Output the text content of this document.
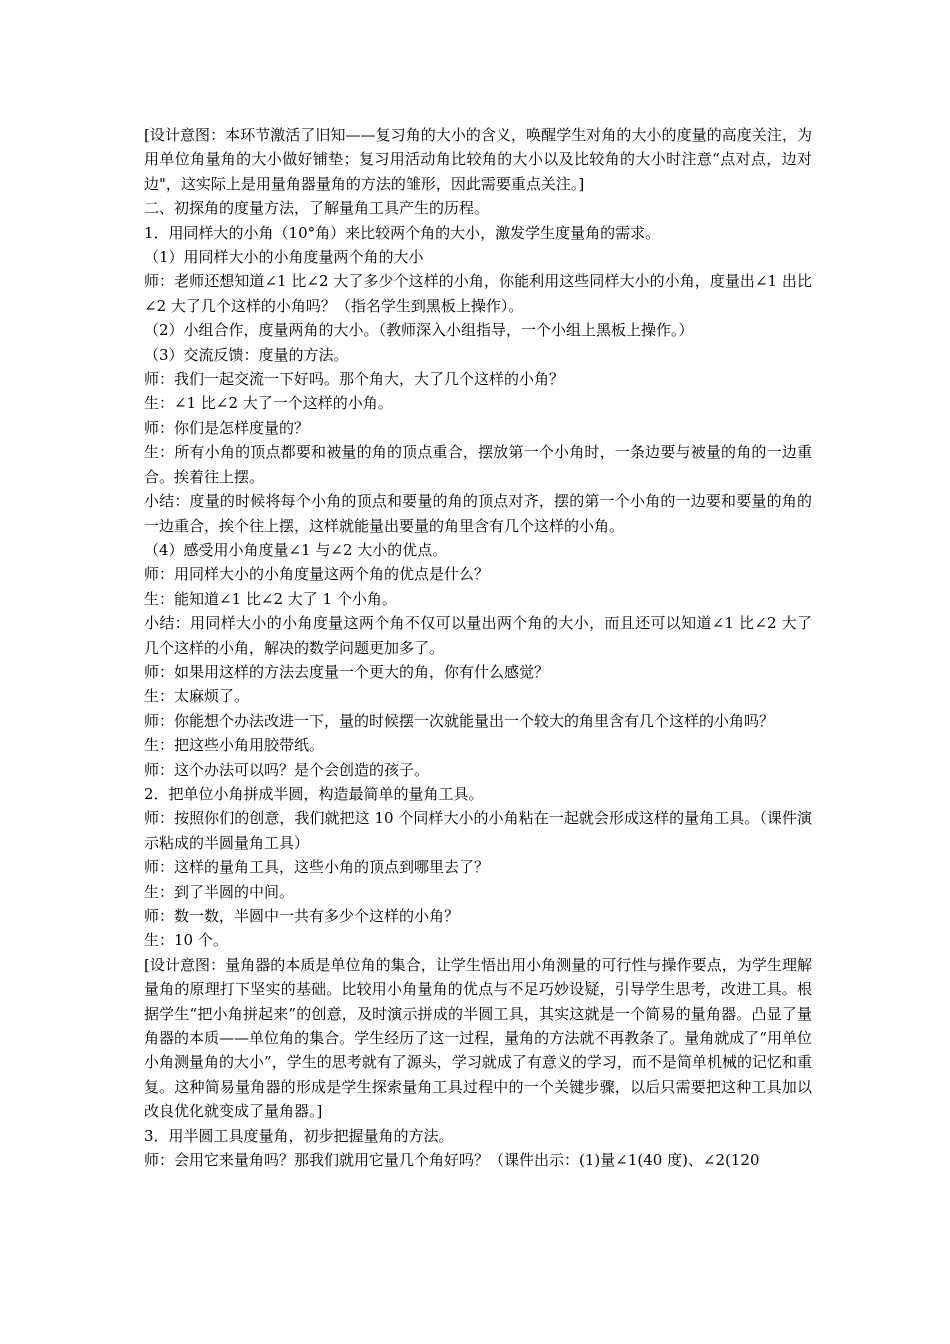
[设计意图：本环节激活了旧知——复习角的大小的含义，唤醒学生对角的大小的度量的高度关注，为用单位角量角的大小做好铺垫；复习用活动角比较角的大小以及比较角的大小时注意“点对点，边对边"，这实际上是用量角器量角的方法的雏形，因此需要重点关注。]

二、初探角的度量方法，了解量角工具产生的历程。

1．用同样大的小角（10°角）来比较两个角的大小，激发学生度量角的需求。

（1）用同样大小的小角度量两个角的大小

师：老师还想知道∠1 比∠2 大了多少个这样的小角，你能利用这些同样大小的小角，度量出∠1 出比∠2 大了几个这样的小角吗？（指名学生到黑板上操作）。

（2）小组合作，度量两角的大小。（教师深入小组指导，一个小组上黑板上操作。）

（3）交流反馈：度量的方法。

师：我们一起交流一下好吗。那个角大，大了几个这样的小角？

生：∠1 比∠2 大了一个这样的小角。

师：你们是怎样度量的？

生：所有小角的顶点都要和被量的角的顶点重合，摆放第一个小角时，一条边要与被量的角的一边重合。挨着往上摆。

小结：度量的时候将每个小角的顶点和要量的角的顶点对齐，摆的第一个小角的一边要和要量的角的一边重合，挨个往上摆，这样就能量出要量的角里含有几个这样的小角。

（4）感受用小角度量∠1 与∠2 大小的优点。

师：用同样大小的小角度量这两个角的优点是什么？

生：能知道∠1 比∠2 大了 1 个小角。

小结：用同样大小的小角度量这两个角不仅可以量出两个角的大小，而且还可以知道∠1 比∠2 大了几个这样的小角，解决的数学问题更加多了。

师：如果用这样的方法去度量一个更大的角，你有什么感觉？

生：太麻烦了。

师：你能想个办法改进一下，量的时候摆一次就能量出一个较大的角里含有几个这样的小角吗？

生：把这些小角用胶带纸。

师：这个办法可以吗？是个会创造的孩子。

2．把单位小角拼成半圆，构造最简单的量角工具。

师：按照你们的创意，我们就把这 10 个同样大小的小角粘在一起就会形成这样的量角工具。（课件演示粘成的半圆量角工具）

师：这样的量角工具，这些小角的顶点到哪里去了？

生：到了半圆的中间。

师：数一数，半圆中一共有多少个这样的小角？

生：10 个。

[设计意图：量角器的本质是单位角的集合，让学生悟出用小角测量的可行性与操作要点，为学生理解量角的原理打下坚实的基础。比较用小角量角的优点与不足巧妙设疑，引导学生思考，改进工具。根据学生“把小角拼起来”的创意，及时演示拼成的半圆工具，其实这就是一个简易的量角器。凸显了量角器的本质——单位角的集合。学生经历了这一过程，量角的方法就不再教条了。量角就成了“用单位小角测量角的大小”，学生的思考就有了源头，学习就成了有意义的学习，而不是简单机械的记忆和重复。这种简易量角器的形成是学生探索量角工具过程中的一个关键步骤，以后只需要把这种工具加以改良优化就变成了量角器。]

3．用半圆工具度量角，初步把握量角的方法。

师：会用它来量角吗？那我们就用它量几个角好吗？（课件出示：(1)量∠1(40 度)、∠2(120
